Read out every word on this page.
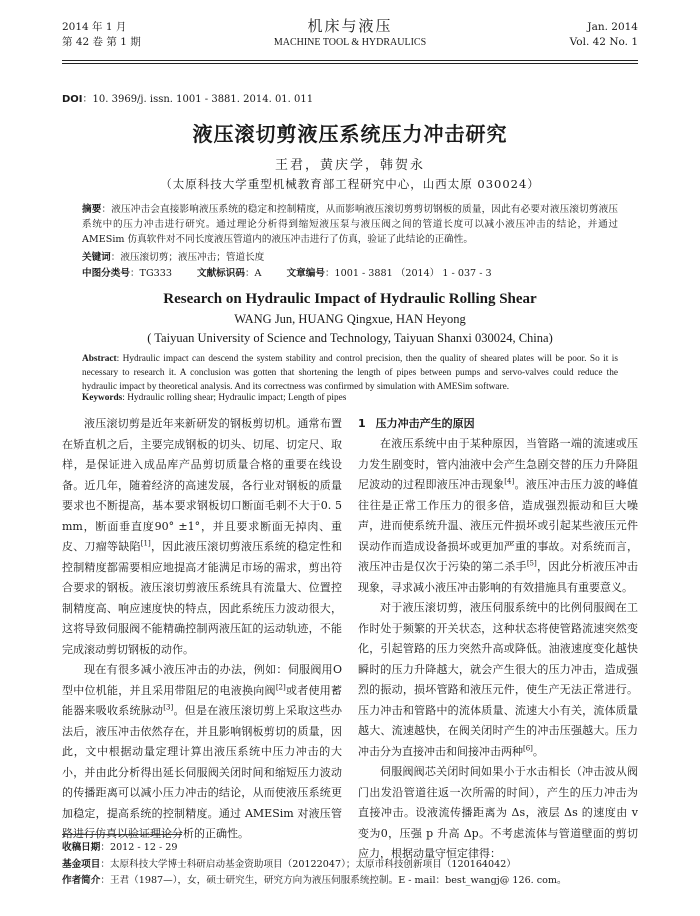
2014 年 1 月
第 42 卷 第 1 期
机床与液压
MACHINE TOOL & HYDRAULICS
Jan. 2014
Vol. 42 No. 1
DOI：10. 3969/j. issn. 1001 - 3881. 2014. 01. 011
液压滚切剪液压系统压力冲击研究
王君，黄庆学，韩贺永
（太原科技大学重型机械教育部工程研究中心，山西太原 030024）
摘要：液压冲击会直接影响液压系统的稳定和控制精度，从而影响液压滚切剪剪切钢板的质量，因此有必要对液压滚切剪液压系统中的压力冲击进行研究。通过理论分析得到缩短液压泵与液压阀之间的管道长度可以减小液压冲击的结论，并通过 AMESim 仿真软件对不同长度液压管道内的液压冲击进行了仿真，验证了此结论的正确性。
关键词：液压滚切剪；液压冲击；管道长度
中图分类号：TG333	文献标识码：A	文章编号：1001 - 3881 （2014） 1 - 037 - 3
Research on Hydraulic Impact of Hydraulic Rolling Shear
WANG Jun, HUANG Qingxue, HAN Heyong
( Taiyuan University of Science and Technology, Taiyuan Shanxi 030024, China)
Abstract: Hydraulic impact can descend the system stability and control precision, then the quality of sheared plates will be poor. So it is necessary to research it. A conclusion was gotten that shortening the length of pipes between pumps and servo-valves could reduce the hydraulic impact by theoretical analysis. And its correctness was confirmed by simulation with AMESim software.
Keywords: Hydraulic rolling shear; Hydraulic impact; Length of pipes

液压滚切剪是近年来新研发的钢板剪切机。通常布置在矫直机之后，主要完成钢板的切头、切尾、切定尺、取样，是保证进入成品库产品剪切质量合格的重要在线设备。近几年，随着经济的高速发展，各行业对钢板的质量要求也不断提高，基本要求钢板切口断面毛刺不大于0. 5 mm，断面垂直度90° ±1°，并且要求断面无掉肉、重皮、刀瘤等缺陷[1]，因此液压滚切剪液压系统的稳定性和控制精度都需要相应地提高才能满足市场的需求，剪出符合要求的钢板。液压滚切剪液压系统具有流量大、位置控制精度高、响应速度快的特点，因此系统压力波动很大，这将导致伺服阀不能精确控制两液压缸的运动轨迹，不能完成滚动剪切钢板的动作。

现在有很多减小液压冲击的办法，例如：伺服阀用O型中位机能，并且采用带阻尼的电液换向阀[2]或者使用蓄能器来吸收系统脉动[3]。但是在液压滚切剪上采取这些办法后，液压冲击依然存在，并且影响钢板剪切的质量，因此，文中根据动量定理计算出液压系统中压力冲击的大小，并由此分析得出延长伺服阀关闭时间和缩短压力波动的传播距离可以减小压力冲击的结论，从而使液压系统更加稳定，提高系统的控制精度。通过 AMESim 对液压管路进行仿真以验证理论分析的正确性。

1 压力冲击产生的原因

在液压系统中由于某种原因，当管路一端的流速或压力发生剧变时，管内油液中会产生急剧交替的压力升降阻尼波动的过程即液压冲击现象[4]。液压冲击压力波的峰值往往是正常工作压力的很多倍，造成强烈振动和巨大噪声，进而使系统升温、液压元件损坏或引起某些液压元件误动作而造成设备损坏或更加严重的事故。对系统而言，液压冲击是仅次于污染的第二杀手[5]，因此分析液压冲击现象，寻求减小液压冲击影响的有效措施具有重要意义。

对于液压滚切剪，液压伺服系统中的比例伺服阀在工作时处于频繁的开关状态，这种状态将使管路流速突然变化，引起管路的压力突然升高或降低。油液速度变化越快瞬时的压力升降越大，就会产生很大的压力冲击，造成强烈的振动，损坏管路和液压元件，使生产无法正常进行。压力冲击和管路中的流体质量、流速大小有关，流体质量越大、流速越快，在阀关闭时产生的冲击压强越大。压力冲击分为直接冲击和间接冲击两种[6]。

伺服阀阀芯关闭时间如果小于水击相长（冲击波从阀门出发沿管道往返一次所需的时间），产生的压力冲击为直接冲击。设液流传播距离为 Δs，液层 Δs 的速度由 v 变为0，压强 p 升高 Δp。不考虑流体与管道壁面的剪切应力，根据动量守恒定律得：

收稿日期：2012 - 12 - 29
基金项目：太原科技大学博士科研启动基金资助项目（20122047）；太原市科技创新项目（120164042）
作者简介：王君（1987—），女，硕士研究生，研究方向为液压伺服系统控制。E - mail：best_wangj@ 126. com。
